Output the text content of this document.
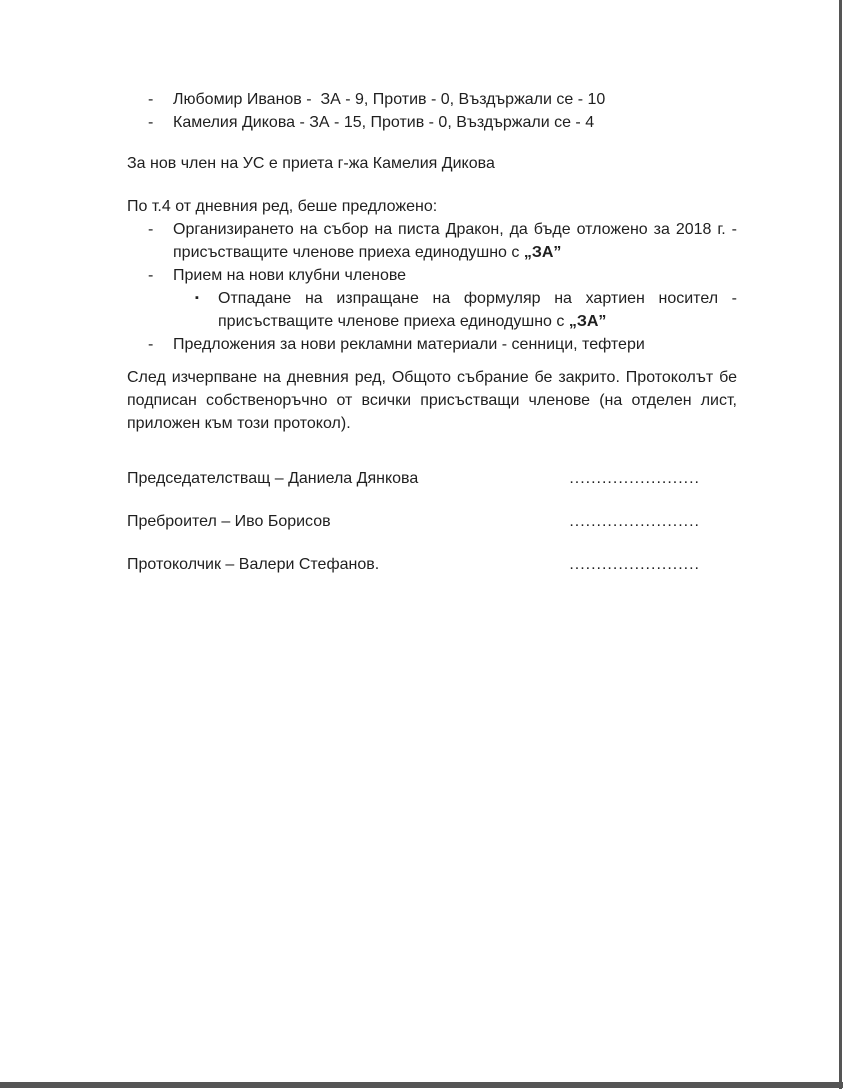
-	Любомир Иванов -  ЗА - 9, Против - 0, Въздържали се - 10
-	Камелия Дикова - ЗА - 15, Против - 0, Въздържали се - 4
За нов член на УС е приета г-жа Камелия Дикова
По т.4 от дневния ред, беше предложено:
-	Организирането на събор на писта Дракон, да бъде отложено за 2018 г. -
присъстващите членове приеха единодушно с „ЗА”
-	Прием на нови клубни членове
▪	Отпадане на изпращане на формуляр на хартиен носител -
присъстващите членове приеха единодушно с „ЗА”
-	Предложения за нови рекламни материали - сенници, тефтери
След изчерпване на дневния ред, Общото събрание бе закрито. Протоколът бе
подписан собственоръчно от всички присъстващи членове (на отделен лист,
приложен към този протокол).
Председателстващ – Даниела Дянкова	........................
Преброител – Иво Борисов	........................
Протоколчик – Валери Стефанов.	........................
